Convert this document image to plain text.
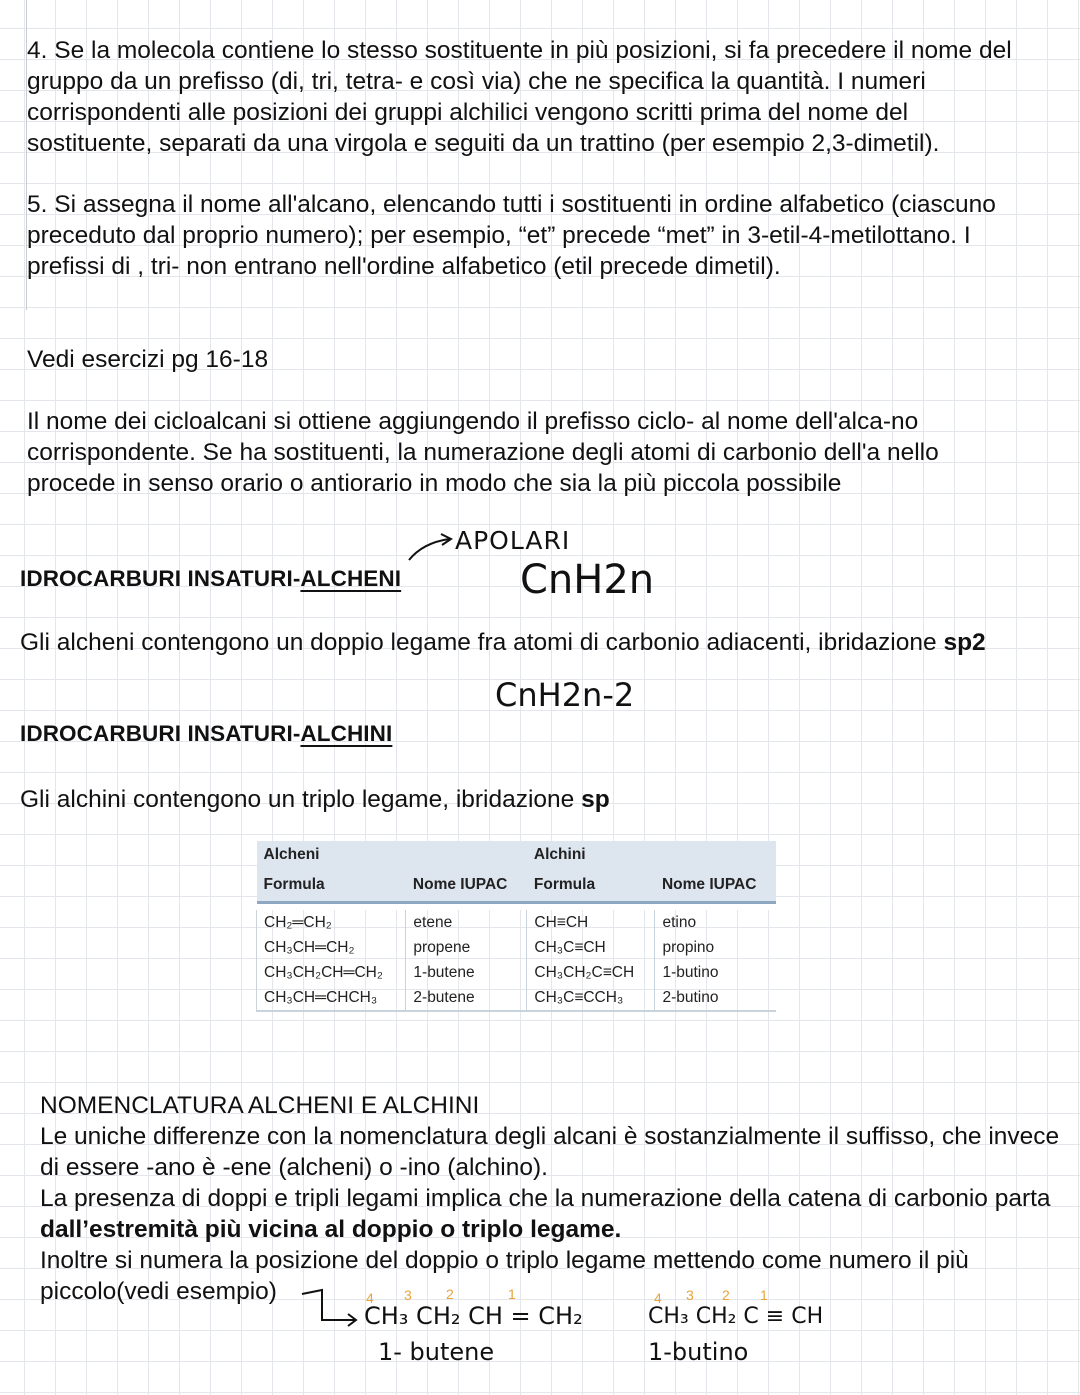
4. Se la molecola contiene lo stesso sostituente in più posizioni, si fa precedere il nome del gruppo da un prefisso (di, tri, tetra- e così via) che ne specifica la quantità. I numeri corrispondenti alle posizioni dei gruppi alchilici vengono scritti prima del nome del sostituente, separati da una virgola e seguiti da un trattino (per esempio 2,3-dimetil).

5. Si assegna il nome all'alcano, elencando tutti i sostituenti in ordine alfabetico (ciascuno preceduto dal proprio numero); per esempio, “et” precede “met” in 3-etil-4-metilottano. I prefissi di , tri- non entrano nell'ordine alfabetico (etil precede dimetil).

Vedi esercizi pg 16-18

Il nome dei cicloalcani si ottiene aggiungendo il prefisso ciclo- al nome dell'alca-no corrispondente. Se ha sostituenti, la numerazione degli atomi di carbonio dell'a nello procede in senso orario o antiorario in modo che sia la più piccola possibile

APOLARI
IDROCARBURI INSATURI-ALCHENI	CnH2n

Gli alcheni contengono un doppio legame fra atomi di carbonio adiacenti, ibridazione sp2

CnH2n-2
IDROCARBURI INSATURI-ALCHINI

Gli alchini contengono un triplo legame, ibridazione sp

Alcheni		Alchini	
Formula	Nome IUPAC	Formula	Nome IUPAC

CH₂═CH₂	etene	CH≡CH	etino
CH₃CH═CH₂	propene	CH₃C≡CH	propino
CH₃CH₂CH═CH₂	1-butene	CH₃CH₂C≡CH	1-butino
CH₃CH═CHCH₃	2-butene	CH₃C≡CCH₃	2-butino

NOMENCLATURA ALCHENI E ALCHINI

Le uniche differenze con la nomenclatura degli alcani è sostanzialmente il suffisso, che invece di essere -ano è -ene (alcheni) o -ino (alchino).

La presenza di doppi e tripli legami implica che la numerazione della catena di carbonio parta dall’estremità più vicina al doppio o triplo legame.

Inoltre si numera la posizione del doppio o triplo legame mettendo come numero il più piccolo(vedi esempio)	4 3 2	1
CH₃ CH₂ CH = CH₂
1- butene
4 3 2 1
CH₃ CH₂ C ≡ CH
1-butino
